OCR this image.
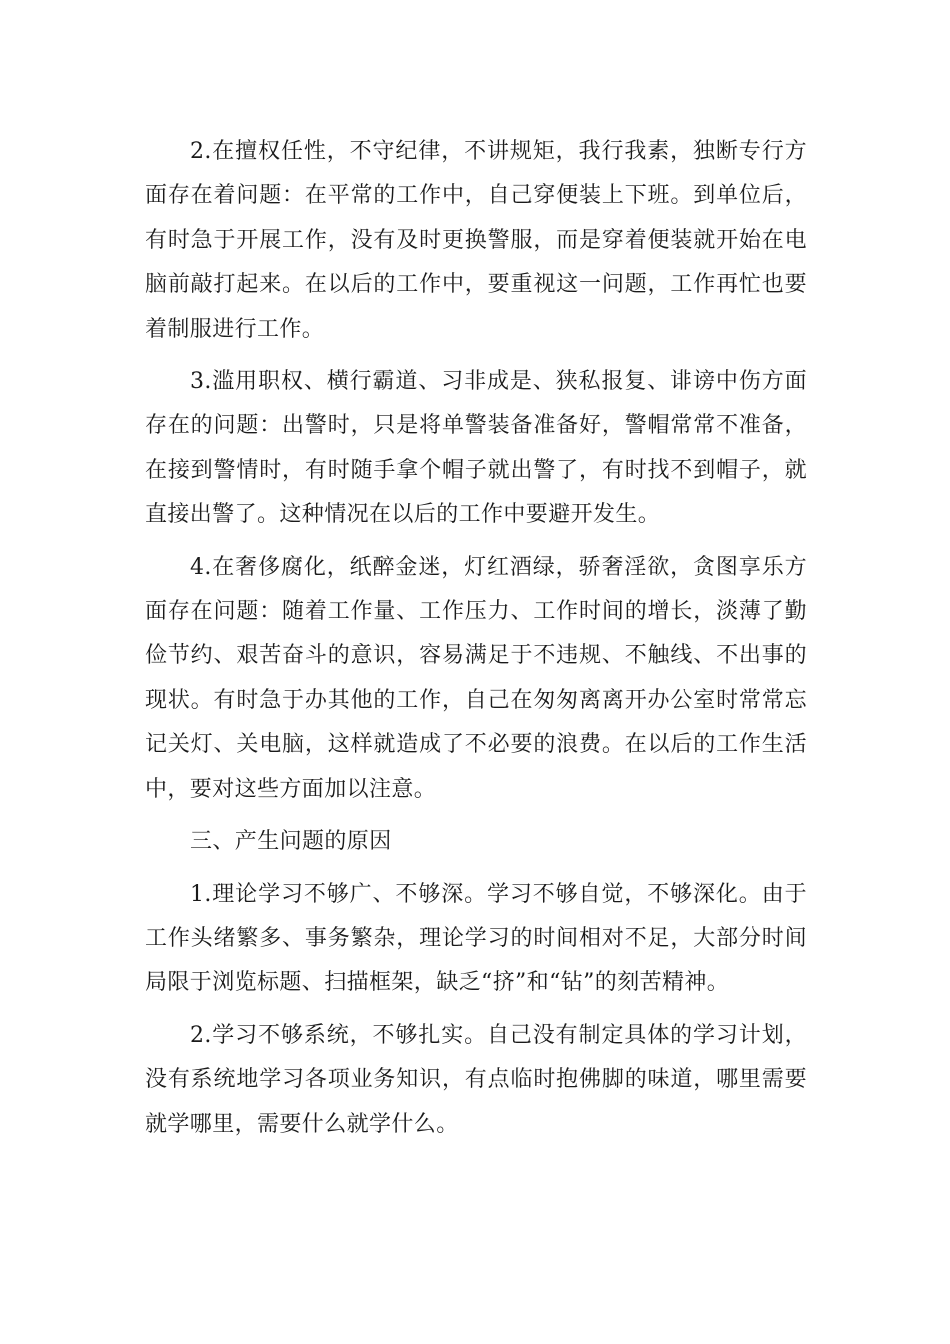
2.在擅权任性，不守纪律，不讲规矩，我行我素，独断专行方面存在着问题：在平常的工作中，自己穿便装上下班。到单位后，有时急于开展工作，没有及时更换警服，而是穿着便装就开始在电脑前敲打起来。在以后的工作中，要重视这一问题，工作再忙也要着制服进行工作。

3.滥用职权、横行霸道、习非成是、狭私报复、诽谤中伤方面存在的问题：出警时，只是将单警装备准备好，警帽常常不准备，在接到警情时，有时随手拿个帽子就出警了，有时找不到帽子，就直接出警了。这种情况在以后的工作中要避开发生。

4.在奢侈腐化，纸醉金迷，灯红酒绿，骄奢淫欲，贪图享乐方面存在问题：随着工作量、工作压力、工作时间的增长，淡薄了勤俭节约、艰苦奋斗的意识，容易满足于不违规、不触线、不出事的现状。有时急于办其他的工作，自己在匆匆离离开办公室时常常忘记关灯、关电脑，这样就造成了不必要的浪费。在以后的工作生活中，要对这些方面加以注意。

三、产生问题的原因

1.理论学习不够广、不够深。学习不够自觉，不够深化。由于工作头绪繁多、事务繁杂，理论学习的时间相对不足，大部分时间局限于浏览标题、扫描框架，缺乏“挤”和“钻”的刻苦精神。

2.学习不够系统，不够扎实。自己没有制定具体的学习计划，没有系统地学习各项业务知识，有点临时抱佛脚的味道，哪里需要就学哪里，需要什么就学什么。
